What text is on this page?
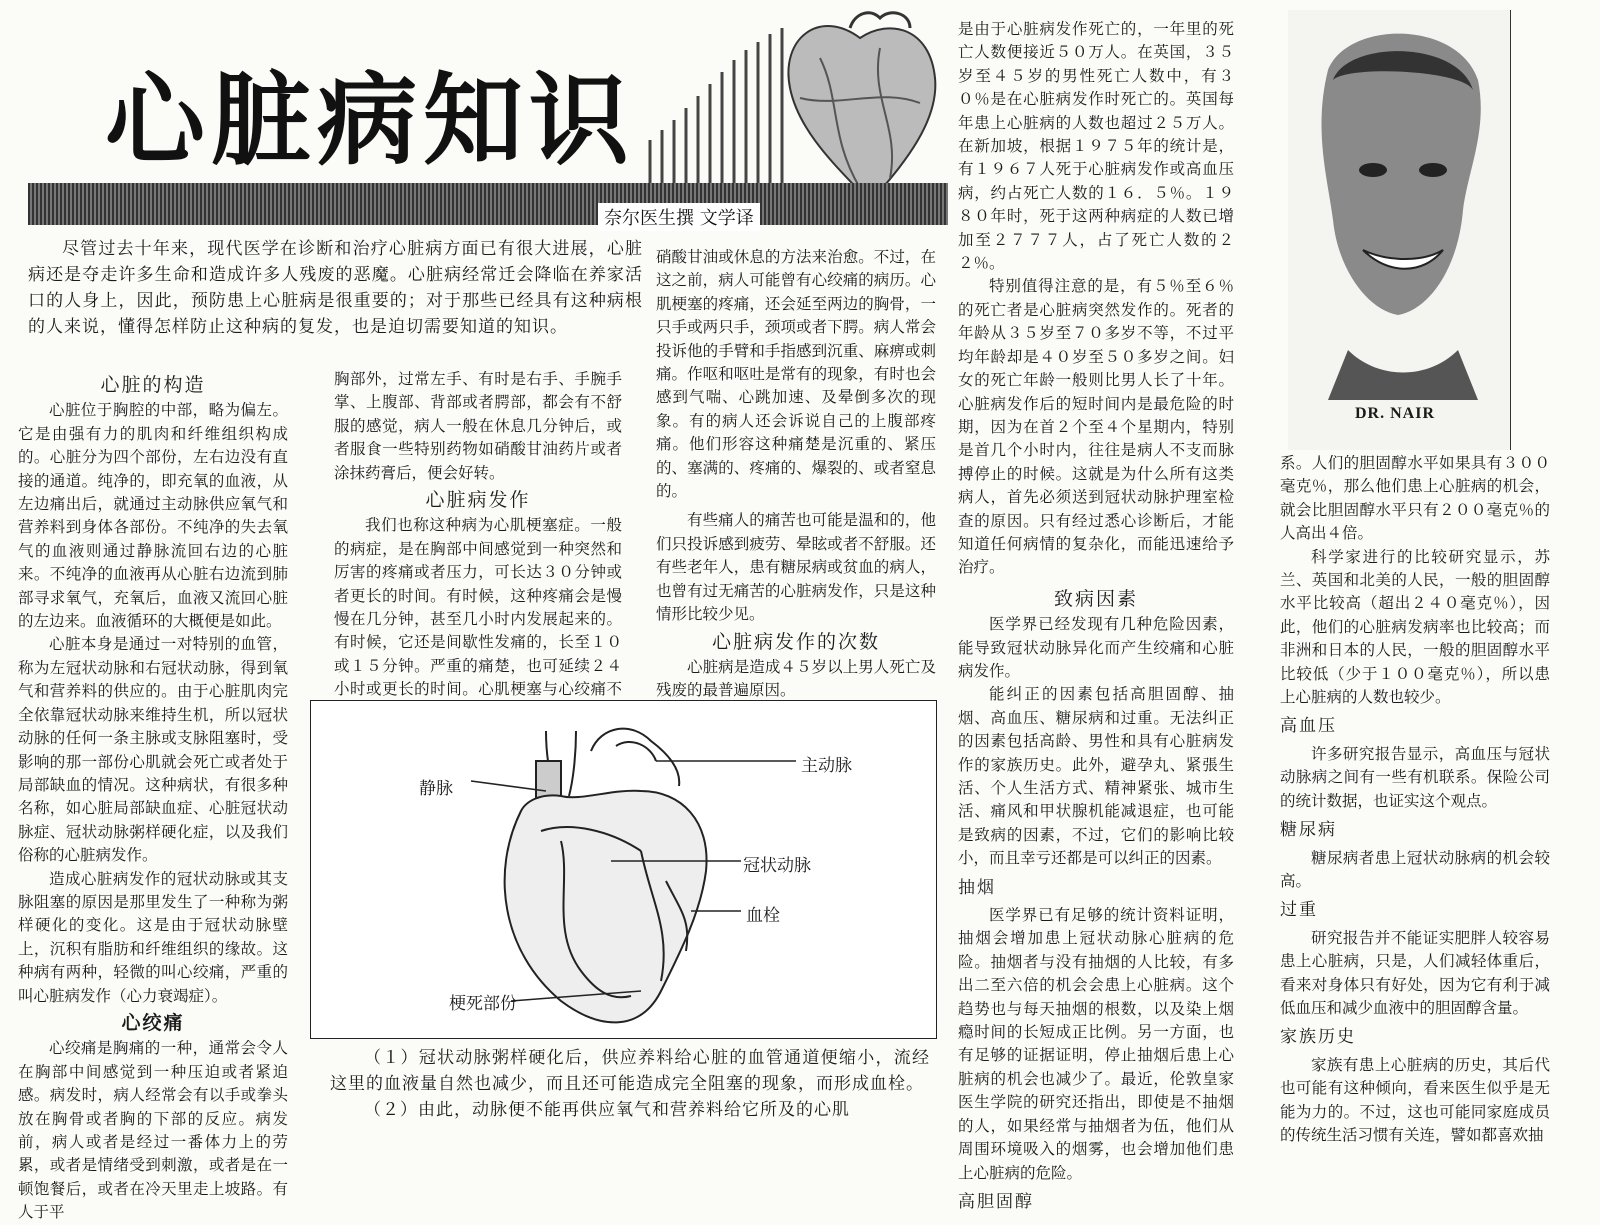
心脏病知识
奈尔医生撰 文学译

尽管过去十年来，现代医学在诊断和治疗心脏病方面已有很大进展，心脏病还是夺走许多生命和造成许多人残废的恶魔。心脏病经常迁会降临在养家活口的人身上，因此，预防患上心脏病是很重要的；对于那些已经具有这种病根的人来说，懂得怎样防止这种病的复发，也是迫切需要知道的知识。

心脏的构造

心脏位于胸腔的中部，略为偏左。它是由强有力的肌肉和纤维组织构成的。心脏分为四个部份，左右边没有直接的通道。纯净的，即充氧的血液，从左边痛出后，就通过主动脉供应氧气和营养料到身体各部份。不纯净的失去氧气的血液则通过静脉流回右边的心脏来。不纯净的血液再从心脏右边流到肺部寻求氧气，充氧后，血液又流回心脏的左边来。血液循环的大概便是如此。

心脏本身是通过一对特别的血管，称为左冠状动脉和右冠状动脉，得到氧气和营养料的供应的。由于心脏肌肉完全依靠冠状动脉来维持生机，所以冠状动脉的任何一条主脉或支脉阻塞时，受影响的那一部份心肌就会死亡或者处于局部缺血的情况。这种病状，有很多种名称，如心脏局部缺血症、心脏冠状动脉症、冠状动脉粥样硬化症，以及我们俗称的心脏病发作。

造成心脏病发作的冠状动脉或其支脉阻塞的原因是那里发生了一种称为粥样硬化的变化。这是由于冠状动脉壁上，沉积有脂肪和纤维组织的缘故。这种病有两种，轻微的叫心绞痛，严重的叫心脏病发作（心力衰竭症）。

心绞痛

心绞痛是胸痛的一种，通常会令人在胸部中间感觉到一种压迫或者紧迫感。病发时，病人经常会有以手或拳头放在胸骨或者胸的下部的反应。病发前，病人或者是经过一番体力上的劳累，或者是情绪受到刺激，或者是在一顿饱餐后，或者在冷天里走上坡路。有人于平

胸部外，过常左手、有时是右手、手腕手掌、上腹部、背部或者腭部，都会有不舒服的感觉，病人一般在休息几分钟后，或者服食一些特别药物如硝酸甘油药片或者涂抹药膏后，便会好转。

心脏病发作

我们也称这种病为心肌梗塞症。一般的病症，是在胸部中间感觉到一种突然和厉害的疼痛或者压力，可长达３０分钟或者更长的时间。有时候，这种疼痛会是慢慢在几分钟，甚至几小时内发展起来的。有时候，它还是间歇性发痛的，长至１０或１５分钟。严重的痛楚，也可延续２４小时或更长的时间。心肌梗塞与心绞痛不

硝酸甘油或休息的方法来治愈。不过，在这之前，病人可能曾有心绞痛的病历。心肌梗塞的疼痛，还会延至两边的胸骨，一只手或两只手，颈项或者下腭。病人常会投诉他的手臂和手指感到沉重、麻痹或刺痛。作呕和呕吐是常有的现象，有时也会感到气喘、心跳加速、及晕倒多次的现象。有的病人还会诉说自己的上腹部疼痛。他们形容这种痛楚是沉重的、紧压的、塞满的、疼痛的、爆裂的、或者窒息的。

有些痛人的痛苦也可能是温和的，他们只投诉感到疲劳、晕眩或者不舒服。还有些老年人，患有糖尿病或贫血的病人，也曾有过无痛苦的心脏病发作，只是这种情形比较少见。

心脏病发作的次数

心脏病是造成４５岁以上男人死亡及残废的最普遍原因。

是由于心脏病发作死亡的，一年里的死亡人数便接近５０万人。在英国，３５岁至４５岁的男性死亡人数中，有３０％是在心脏病发作时死亡的。英国每年患上心脏病的人数也超过２５万人。在新加坡，根据１９７５年的统计是，有１９６７人死于心脏病发作或高血压病，约占死亡人数的１６．５％。１９８０年时，死于这两种病症的人数已增加至２７７７人，占了死亡人数的２２％。

特别值得注意的是，有５％至６％的死亡者是心脏病突然发作的。死者的年龄从３５岁至７０多岁不等，不过平均年龄却是４０岁至５０多岁之间。妇女的死亡年龄一般则比男人长了十年。心脏病发作后的短时间内是最危险的时期，因为在首２个至４个星期内，特别是首几个小时内，往往是病人不支而脉搏停止的时候。这就是为什么所有这类病人，首先必须送到冠状动脉护理室检查的原因。只有经过悉心诊断后，才能知道任何病情的复杂化，而能迅速给予治疗。

致病因素

医学界已经发现有几种危险因素，能导致冠状动脉异化而产生绞痛和心脏病发作。

能纠正的因素包括高胆固醇、抽烟、高血压、糖尿病和过重。无法纠正的因素包括高龄、男性和具有心脏病发作的家族历史。此外，避孕丸、紧張生活、个人生活方式、精神紧张、城市生活、痛风和甲状腺机能减退症，也可能是致病的因素，不过，它们的影响比较小，而且幸亏还都是可以纠正的因素。

抽烟

医学界已有足够的统计资料证明，抽烟会增加患上冠状动脉心脏病的危险。抽烟者与没有抽烟的人比较，有多出二至六倍的机会会患上心脏病。这个趋势也与每天抽烟的根数，以及染上烟瘾时间的长短成正比例。另一方面，也有足够的证据证明，停止抽烟后患上心脏病的机会也减少了。最近，伦敦皇家医生学院的研究还指出，即使是不抽烟的人，如果经常与抽烟者为伍，他们从周围环境吸入的烟雾，也会增加他们患上心脏病的危险。

高胆固醇
DR. NAIR

系。人们的胆固醇水平如果具有３００毫克％，那么他们患上心脏病的机会，就会比胆固醇水平只有２００毫克％的人高出４倍。

科学家进行的比较研究显示，苏兰、英国和北美的人民，一般的胆固醇水平比较高（超出２４０毫克％），因此，他们的心脏病发病率也比较高；而非洲和日本的人民，一般的胆固醇水平比较低（少于１００毫克％），所以患上心脏病的人数也较少。

高血压

许多研究报告显示，高血压与冠状动脉病之间有一些有机联系。保险公司的统计数据，也证实这个观点。

糖尿病

糖尿病者患上冠状动脉病的机会较高。

过重

研究报告并不能证实肥胖人较容易患上心脏病，只是，人们减轻体重后，看来对身体只有好处，因为它有利于减低血压和减少血液中的胆固醇含量。

家族历史

家族有患上心脏病的历史，其后代也可能有这种倾向，看来医生似乎是无能为力的。不过，这也可能同家庭成员的传统生活习惯有关连，譬如都喜欢抽

主动脉
静脉
冠状动脉
血栓
梗死部份

（１）冠状动脉粥样硬化后，供应养料给心脏的血管通道便缩小，流经这里的血液量自然也减少，而且还可能造成完全阻塞的现象，而形成血栓。

（２）由此，动脉便不能再供应氧气和营养料给它所及的心肌
